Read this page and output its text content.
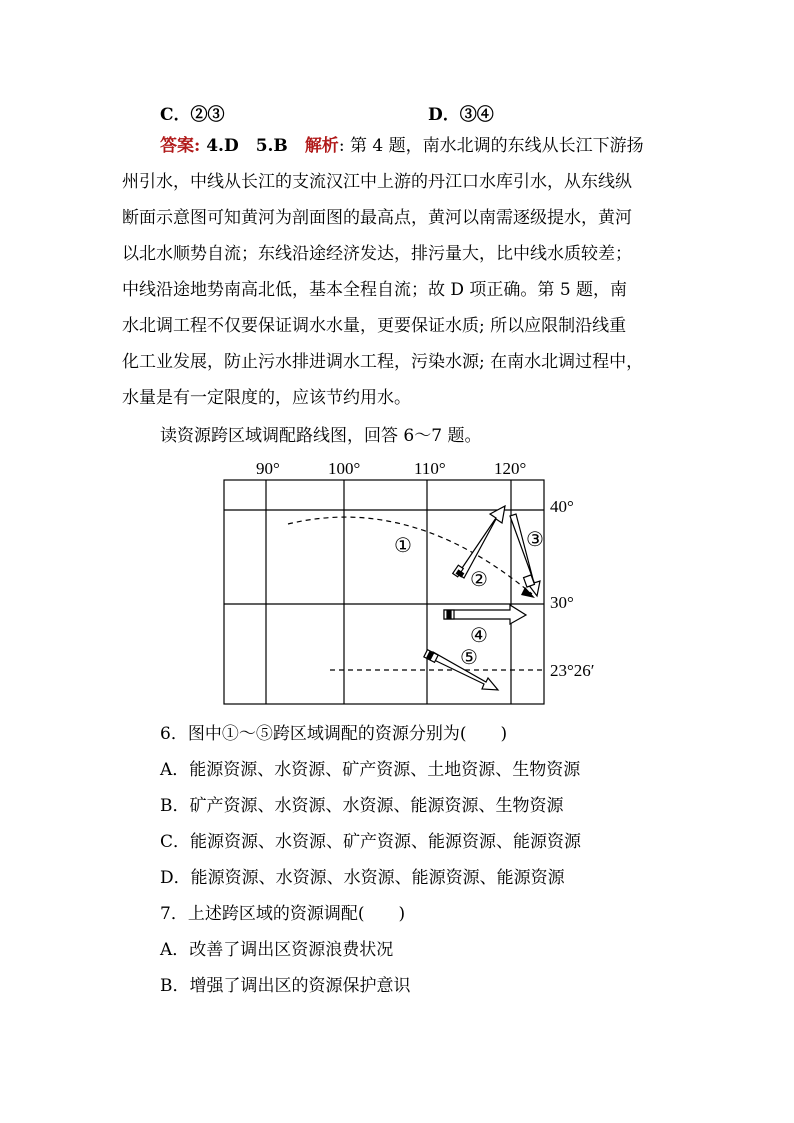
C．②③	D．③④
答案: 4.D　5.B　 解析: 第 4 题，南水北调的东线从长江下游扬
州引水，中线从长江的支流汉江中上游的丹江口水库引水，从东线纵
断面示意图可知黄河为剖面图的最高点，黄河以南需逐级提水，黄河
以北水顺势自流；东线沿途经济发达，排污量大，比中线水质较差；
中线沿途地势南高北低，基本全程自流；故 D 项正确。第 5 题，南
水北调工程不仅要保证调水水量，更要保证水质; 所以应限制沿线重
化工业发展，防止污水排进调水工程，污染水源; 在南水北调过程中，
水量是有一定限度的，应该节约用水。
读资源跨区域调配路线图，回答 6～7 题。
90°	100°	110°	120°
40°
30°
23°26′
①
②
③
④
⑤
6．图中①～⑤跨区域调配的资源分别为(　　)
A．能源资源、水资源、矿产资源、土地资源、生物资源
B．矿产资源、水资源、水资源、能源资源、生物资源
C．能源资源、水资源、矿产资源、能源资源、能源资源
D．能源资源、水资源、水资源、能源资源、能源资源
7．上述跨区域的资源调配(　　)
A．改善了调出区资源浪费状况
B．增强了调出区的资源保护意识
